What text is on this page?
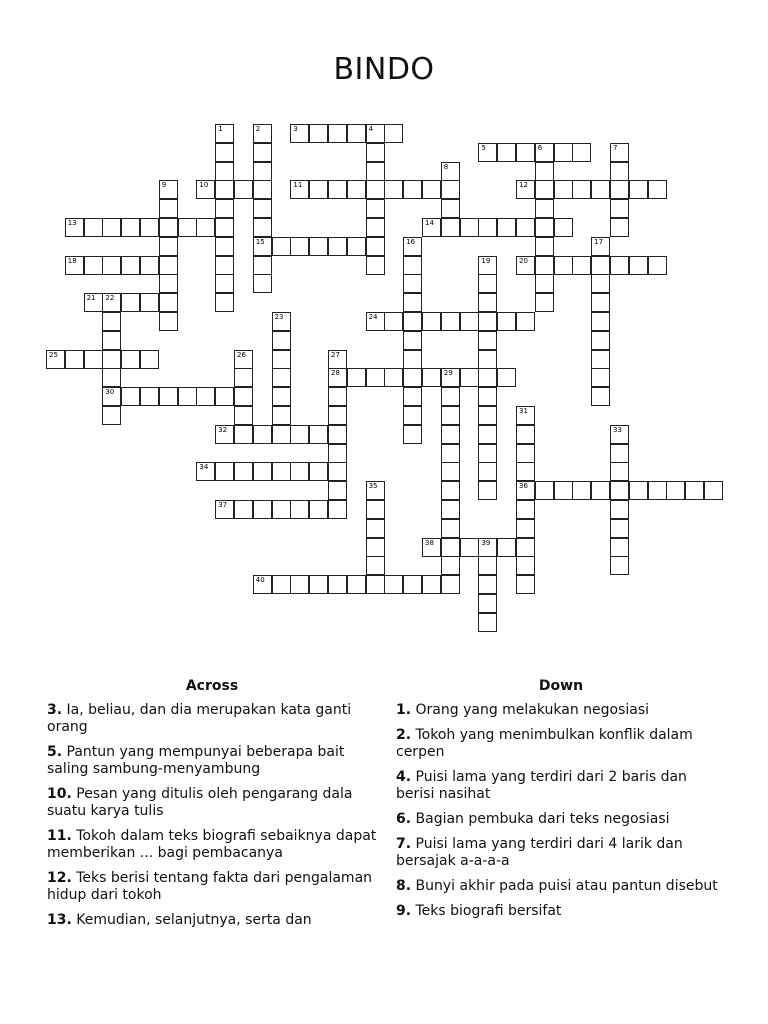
BINDO
1	2
15
3	4
5	6	7
8
9	10	11	12
13	14
16	17
18	19	20
21 22
30
23	24
25	26	27
28	29
31
36
32	33
34
35
37
38	39
40
Across
3. Ia, beliau, dan dia merupakan kata ganti orang
5. Pantun yang mempunyai beberapa bait saling sambung-menyambung
10. Pesan yang ditulis oleh pengarang dala suatu karya tulis
11. Tokoh dalam teks biografi sebaiknya dapat memberikan ... bagi pembacanya
12. Teks berisi tentang fakta dari pengalaman hidup dari tokoh
13. Kemudian, selanjutnya, serta dan
Down
1. Orang yang melakukan negosiasi
2. Tokoh yang menimbulkan konflik dalam cerpen
4. Puisi lama yang terdiri dari 2 baris dan berisi nasihat
6. Bagian pembuka dari teks negosiasi
7. Puisi lama yang terdiri dari 4 larik dan bersajak a-a-a-a
8. Bunyi akhir pada puisi atau pantun disebut
9. Teks biografi bersifat
